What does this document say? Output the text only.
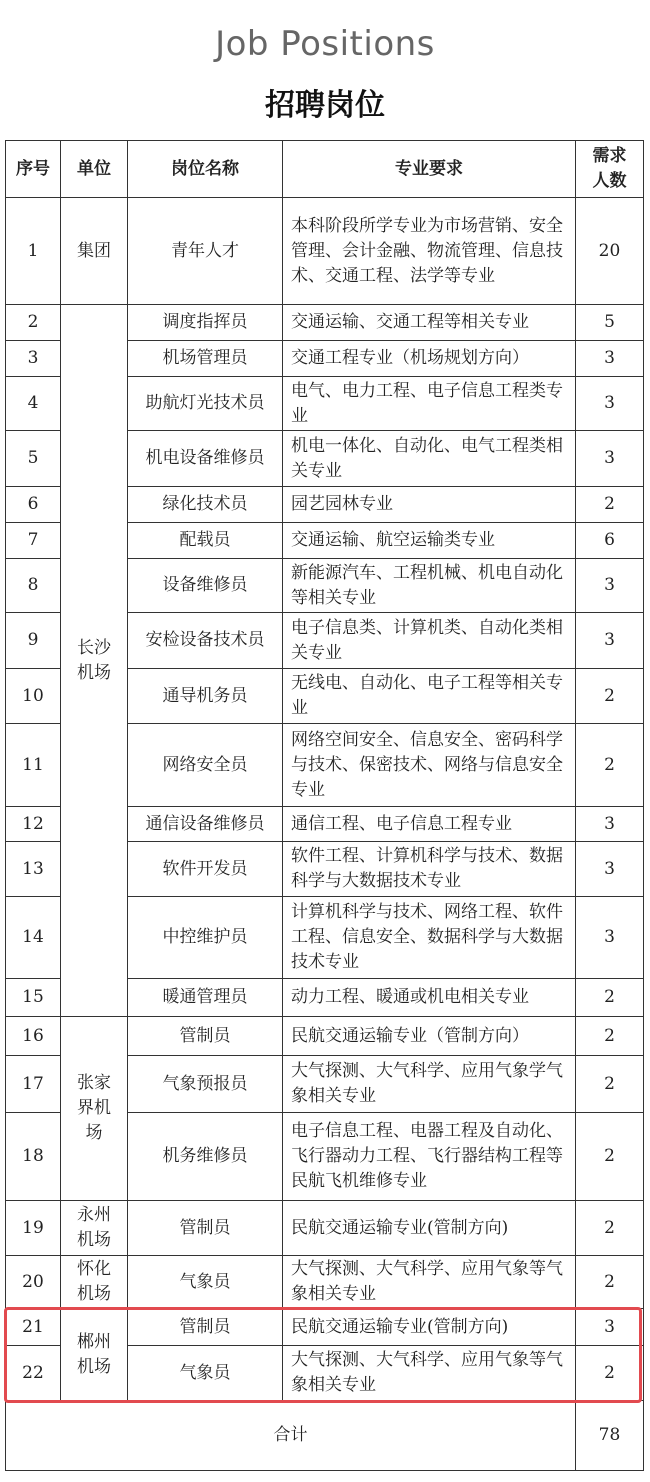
Job Positions
招聘岗位
序号	单位	岗位名称	专业要求	需求
人数
1	集团	青年人才	本科阶段所学专业为市场营销、安全管理、会计金融、物流管理、信息技术、交通工程、法学等专业	20
2	长沙机场	调度指挥员	交通运输、交通工程等相关专业	5
3		机场管理员	交通工程专业（机场规划方向）	3
4		助航灯光技术员	电气、电力工程、电子信息工程类专业	3
5		机电设备维修员	机电一体化、自动化、电气工程类相关专业	3
6		绿化技术员	园艺园林专业	2
7		配载员	交通运输、航空运输类专业	6
8		设备维修员	新能源汽车、工程机械、机电自动化等相关专业	3
9		安检设备技术员	电子信息类、计算机类、自动化类相关专业	3
10		通导机务员	无线电、自动化、电子工程等相关专业	2
11		网络安全员	网络空间安全、信息安全、密码科学与技术、保密技术、网络与信息安全专业	2
12		通信设备维修员	通信工程、电子信息工程专业	3
13		软件开发员	软件工程、计算机科学与技术、数据科学与大数据技术专业	3
14		中控维护员	计算机科学与技术、网络工程、软件工程、信息安全、数据科学与大数据技术专业	3
15		暖通管理员	动力工程、暖通或机电相关专业	2
16	张家界机场	管制员	民航交通运输专业（管制方向）	2
17		气象预报员	大气探测、大气科学、应用气象学气象相关专业	2
18		机务维修员	电子信息工程、电器工程及自动化、飞行器动力工程、飞行器结构工程等民航飞机维修专业	2
19	永州机场	管制员	民航交通运输专业(管制方向)	2
20	怀化机场	气象员	大气探测、大气科学、应用气象等气象相关专业	2
21	郴州机场	管制员	民航交通运输专业(管制方向)	3
22		气象员	大气探测、大气科学、应用气象等气象相关专业	2
合计				78
